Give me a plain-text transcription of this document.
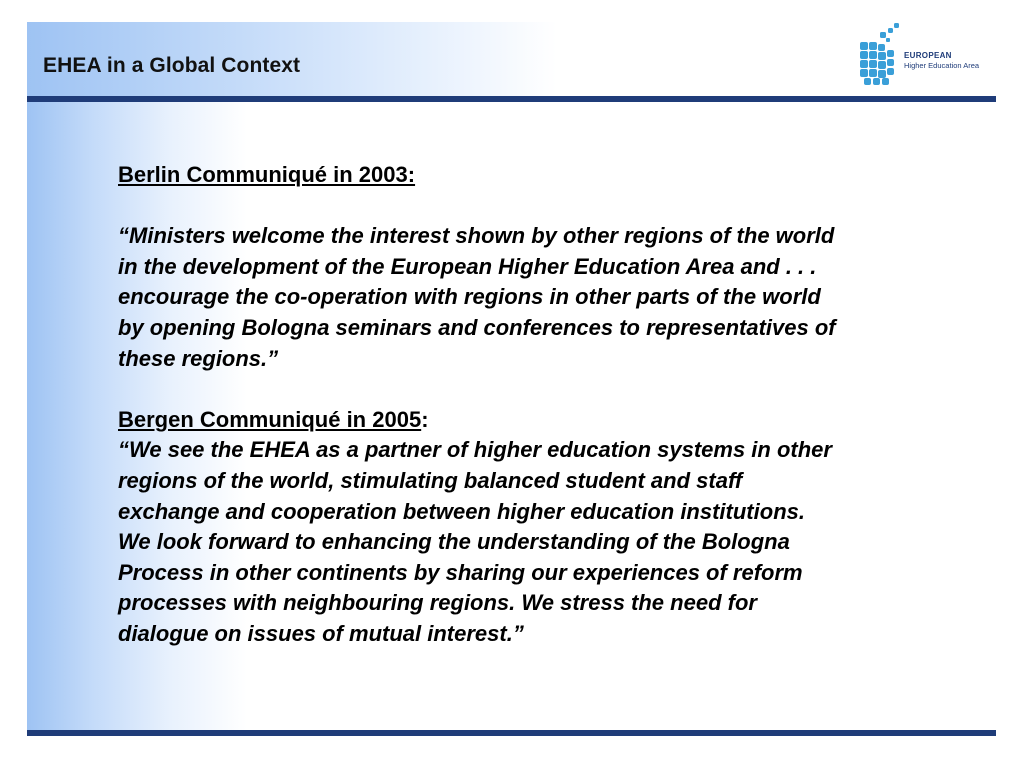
EHEA in a Global Context	EUROPEAN
Higher Education Area

Berlin Communiqué in 2003:

“Ministers welcome the interest shown by other regions of the world
in the development of the European Higher Education Area and . . .
encourage the co-operation with regions in other parts of the world
by opening Bologna seminars and conferences to representatives of
these regions.”

Bergen Communiqué in 2005:

“We see the EHEA as a partner of higher education systems in other
regions of the world, stimulating balanced student and staff
exchange and cooperation between higher education institutions.
We look forward to enhancing the understanding of the Bologna
Process in other continents by sharing our experiences of reform
processes with neighbouring regions. We stress the need for
dialogue on issues of mutual interest.”
